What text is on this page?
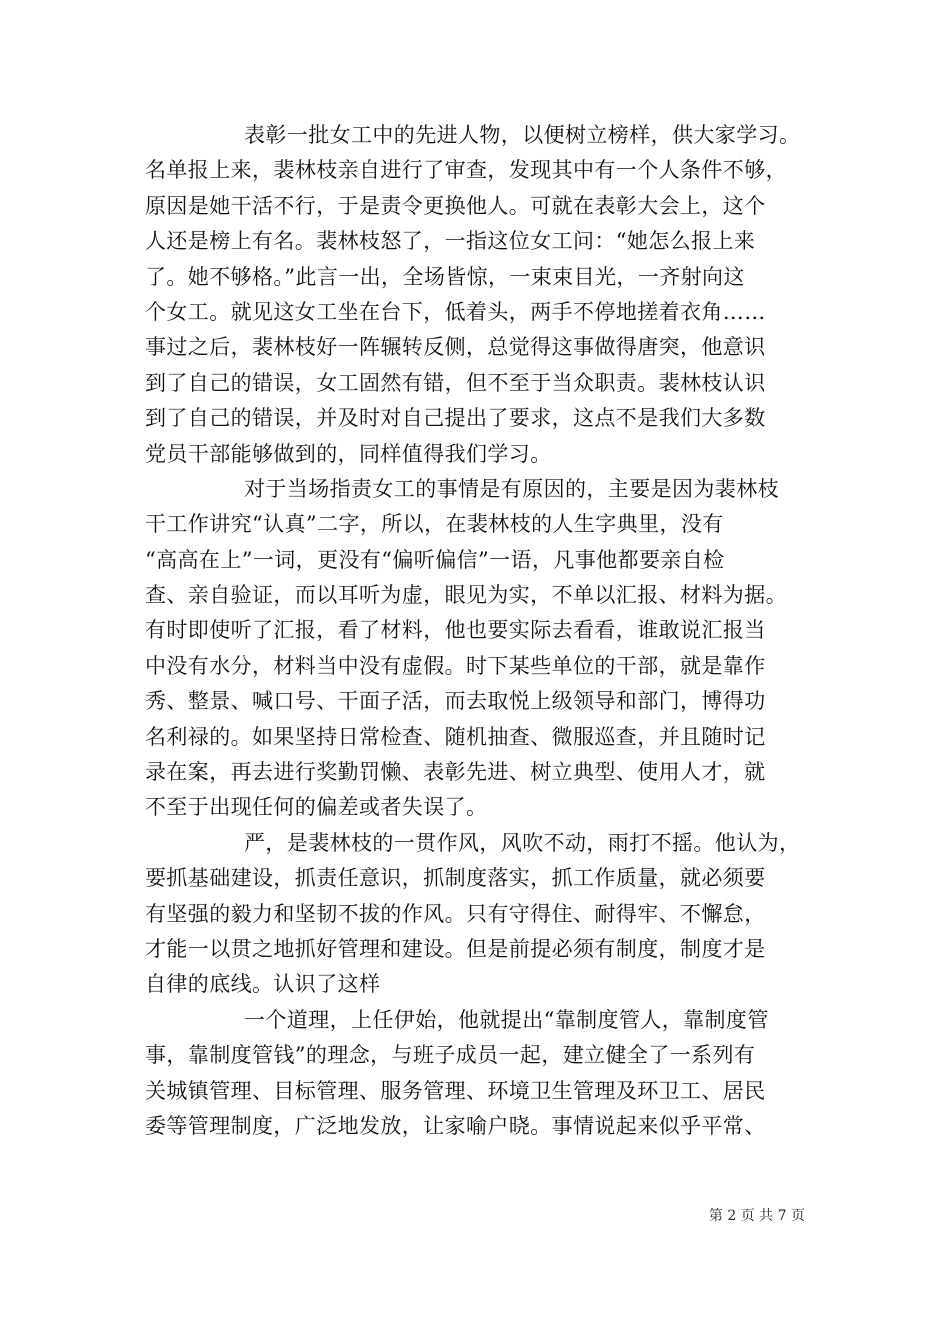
表彰一批女工中的先进人物，以便树立榜样，供大家学习。
名单报上来，裴林枝亲自进行了审查，发现其中有一个人条件不够，
原因是她干活不行，于是责令更换他人。可就在表彰大会上，这个
人还是榜上有名。裴林枝怒了，一指这位女工问：“她怎么报上来
了。她不够格。”此言一出，全场皆惊，一束束目光，一齐射向这
个女工。就见这女工坐在台下，低着头，两手不停地搓着衣角……
事过之后，裴林枝好一阵辗转反侧，总觉得这事做得唐突，他意识
到了自己的错误，女工固然有错，但不至于当众职责。裴林枝认识
到了自己的错误，并及时对自己提出了要求，这点不是我们大多数
党员干部能够做到的，同样值得我们学习。
对于当场指责女工的事情是有原因的，主要是因为裴林枝
干工作讲究“认真”二字，所以，在裴林枝的人生字典里，没有
“高高在上”一词，更没有“偏听偏信”一语，凡事他都要亲自检
查、亲自验证，而以耳听为虚，眼见为实，不单以汇报、材料为据。
有时即使听了汇报，看了材料，他也要实际去看看，谁敢说汇报当
中没有水分，材料当中没有虚假。时下某些单位的干部，就是靠作
秀、整景、喊口号、干面子活，而去取悦上级领导和部门，博得功
名利禄的。如果坚持日常检查、随机抽查、微服巡查，并且随时记
录在案，再去进行奖勤罚懒、表彰先进、树立典型、使用人才，就
不至于出现任何的偏差或者失误了。
严，是裴林枝的一贯作风，风吹不动，雨打不摇。他认为，
要抓基础建设，抓责任意识，抓制度落实，抓工作质量，就必须要
有坚强的毅力和坚韧不拔的作风。只有守得住、耐得牢、不懈怠，
才能一以贯之地抓好管理和建设。但是前提必须有制度，制度才是
自律的底线。认识了这样
一个道理，上任伊始，他就提出“靠制度管人，靠制度管
事，靠制度管钱”的理念，与班子成员一起，建立健全了一系列有
关城镇管理、目标管理、服务管理、环境卫生管理及环卫工、居民
委等管理制度，广泛地发放，让家喻户晓。事情说起来似乎平常、
第 2 页 共 7 页
